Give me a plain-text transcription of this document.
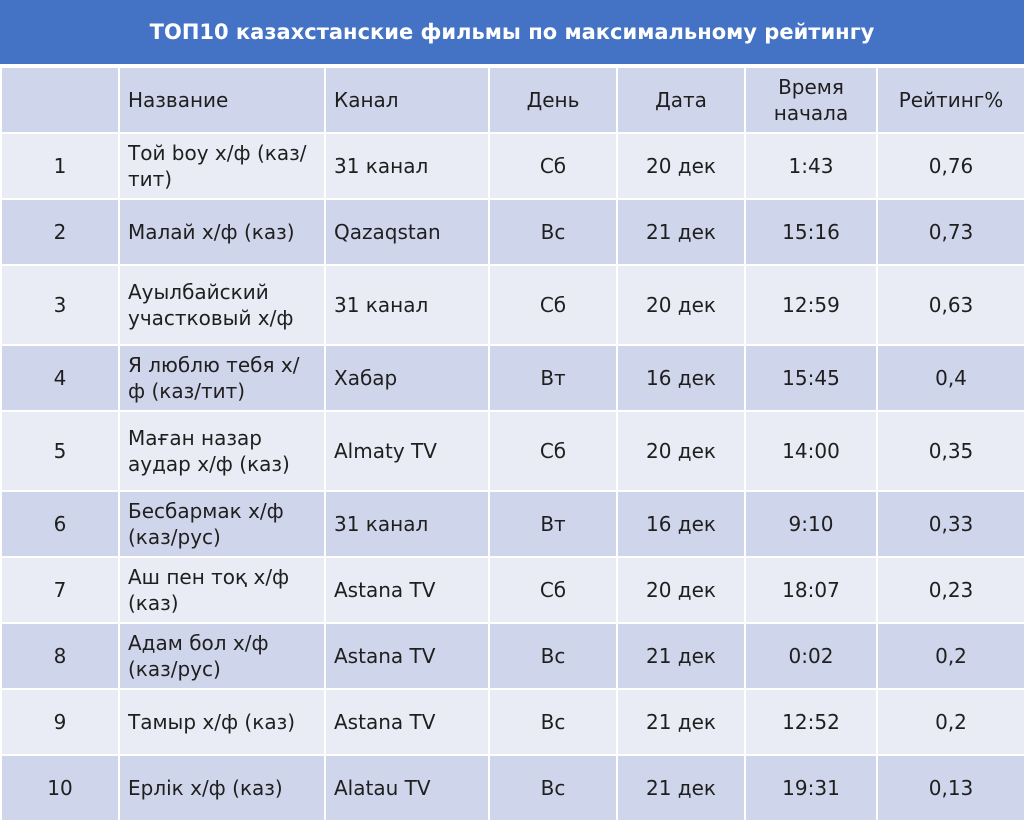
ТОП10 казахстанские фильмы по максимальному рейтингу
	Название	Канал	День	Дата	Время начала	Рейтинг%

1	Той boy х/ф (каз/тит)	31 канал	Сб	20 дек	1:43	0,76

2	Малай х/ф (каз)	Qazaqstan	Вс	21 дек	15:16	0,73

3	Ауылбайский участковый х/ф	31 канал	Сб	20 дек	12:59	0,63

4	Я люблю тебя х/ф (каз/тит)	Хабар	Вт	16 дек	15:45	0,4

5	Маған назар аудар х/ф (каз)	Almaty TV	Сб	20 дек	14:00	0,35

6	Бесбармак х/ф (каз/рус)	31 канал	Вт	16 дек	9:10	0,33

7	Аш пен тоқ х/ф (каз)	Astana TV	Сб	20 дек	18:07	0,23

8	Адам бол х/ф (каз/рус)	Astana TV	Вс	21 дек	0:02	0,2

9	Тамыр х/ф (каз)	Astana TV	Вс	21 дек	12:52	0,2

10	Ерлік х/ф (каз)	Alatau TV	Вс	21 дек	19:31	0,13
